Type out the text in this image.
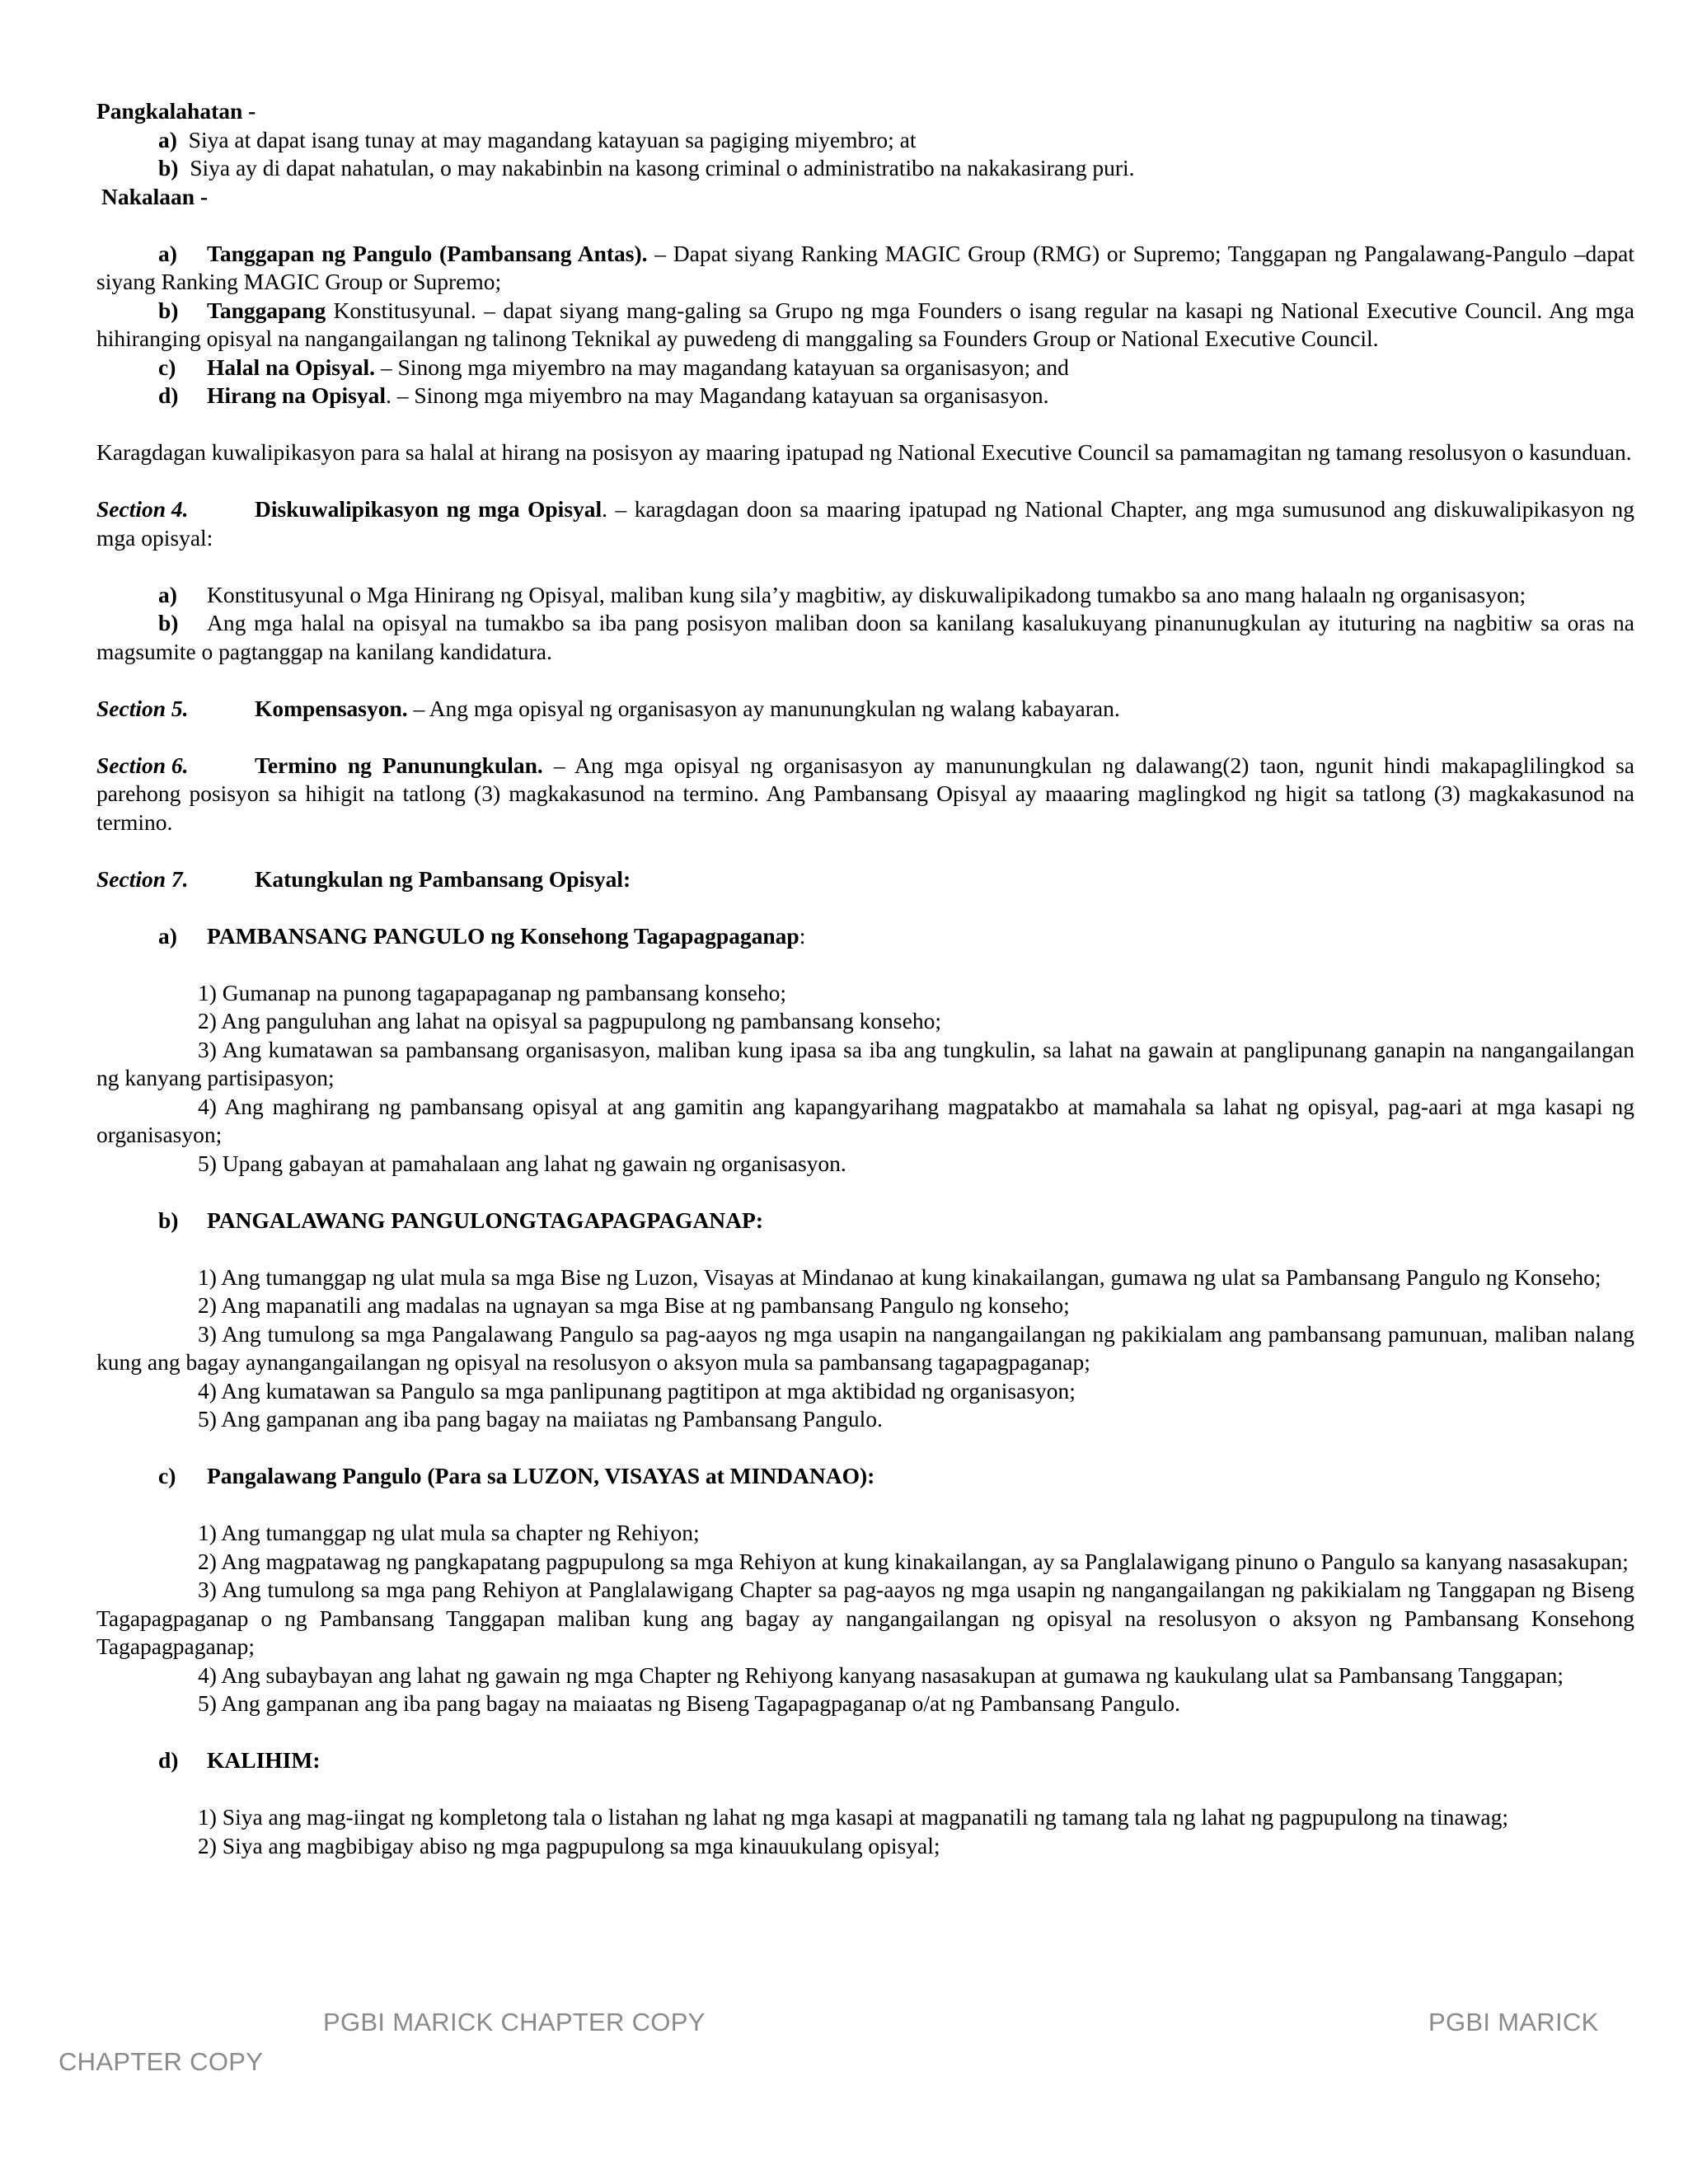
Pangkalahatan -

a) Siya at dapat isang tunay at may magandang katayuan sa pagiging miyembro; at

b) Siya ay di dapat nahatulan, o may nakabinbin na kasong criminal o administratibo na nakakasirang puri.

Nakalaan -

a) Tanggapan ng Pangulo (Pambansang Antas). – Dapat siyang Ranking MAGIC Group (RMG) or Supremo; Tanggapan ng Pangalawang-Pangulo –dapat siyang Ranking MAGIC Group or Supremo;

b) Tanggapang Konstitusyunal. – dapat siyang mang-galing sa Grupo ng mga Founders o isang regular na kasapi ng National Executive Council. Ang mga hihiranging opisyal na nangangailangan ng talinong Teknikal ay puwedeng di manggaling sa Founders Group or National Executive Council.

c) Halal na Opisyal. – Sinong mga miyembro na may magandang katayuan sa organisasyon; and

d) Hirang na Opisyal. – Sinong mga miyembro na may Magandang katayuan sa organisasyon.

Karagdagan kuwalipikasyon para sa halal at hirang na posisyon ay maaring ipatupad ng National Executive Council sa pamamagitan ng tamang resolusyon o kasunduan.

Section 4.	Diskuwalipikasyon ng mga Opisyal. – karagdagan doon sa maaring ipatupad ng National Chapter, ang mga sumusunod ang diskuwalipikasyon ng mga opisyal:

a) Konstitusyunal o Mga Hinirang ng Opisyal, maliban kung sila’y magbitiw, ay diskuwalipikadong tumakbo sa ano mang halaaln ng organisasyon;

b) Ang mga halal na opisyal na tumakbo sa iba pang posisyon maliban doon sa kanilang kasalukuyang pinanunugkulan ay ituturing na nagbitiw sa oras na magsumite o pagtanggap na kanilang kandidatura.

Section 5.	Kompensasyon. – Ang mga opisyal ng organisasyon ay manunungkulan ng walang kabayaran.

Section 6.	Termino ng Panunungkulan. – Ang mga opisyal ng organisasyon ay manunungkulan ng dalawang(2) taon, ngunit hindi makapaglilingkod sa parehong posisyon sa hihigit na tatlong (3) magkakasunod na termino. Ang Pambansang Opisyal ay maaaring maglingkod ng higit sa tatlong (3) magkakasunod na termino.

Section 7.	Katungkulan ng Pambansang Opisyal:

a) PAMBANSANG PANGULO ng Konsehong Tagapagpaganap:

1) Gumanap na punong tagapapaganap ng pambansang konseho;

2) Ang panguluhan ang lahat na opisyal sa pagpupulong ng pambansang konseho;

3) Ang kumatawan sa pambansang organisasyon, maliban kung ipasa sa iba ang tungkulin, sa lahat na gawain at panglipunang ganapin na nangangailangan ng kanyang partisipasyon;

4) Ang maghirang ng pambansang opisyal at ang gamitin ang kapangyarihang magpatakbo at mamahala sa lahat ng opisyal, pag-aari at mga kasapi ng organisasyon;

5) Upang gabayan at pamahalaan ang lahat ng gawain ng organisasyon.

b) PANGALAWANG PANGULONGTAGAPAGPAGANAP:

1) Ang tumanggap ng ulat mula sa mga Bise ng Luzon, Visayas at Mindanao at kung kinakailangan, gumawa ng ulat sa Pambansang Pangulo ng Konseho;

2) Ang mapanatili ang madalas na ugnayan sa mga Bise at ng pambansang Pangulo ng konseho;

3) Ang tumulong sa mga Pangalawang Pangulo sa pag-aayos ng mga usapin na nangangailangan ng pakikialam ang pambansang pamunuan, maliban nalang kung ang bagay aynangangailangan ng opisyal na resolusyon o aksyon mula sa pambansang tagapagpaganap;

4) Ang kumatawan sa Pangulo sa mga panlipunang pagtitipon at mga aktibidad ng organisasyon;

5) Ang gampanan ang iba pang bagay na maiiatas ng Pambansang Pangulo.

c) Pangalawang Pangulo (Para sa LUZON, VISAYAS at MINDANAO):

1) Ang tumanggap ng ulat mula sa chapter ng Rehiyon;

2) Ang magpatawag ng pangkapatang pagpupulong sa mga Rehiyon at kung kinakailangan, ay sa Panglalawigang pinuno o Pangulo sa kanyang nasasakupan;

3) Ang tumulong sa mga pang Rehiyon at Panglalawigang Chapter sa pag-aayos ng mga usapin ng nangangailangan ng pakikialam ng Tanggapan ng Biseng Tagapagpaganap o ng Pambansang Tanggapan maliban kung ang bagay ay nangangailangan ng opisyal na resolusyon o aksyon ng Pambansang Konsehong Tagapagpaganap;

4) Ang subaybayan ang lahat ng gawain ng mga Chapter ng Rehiyong kanyang nasasakupan at gumawa ng kaukulang ulat sa Pambansang Tanggapan;

5) Ang gampanan ang iba pang bagay na maiaatas ng Biseng Tagapagpaganap o/at ng Pambansang Pangulo.

d) KALIHIM:

1) Siya ang mag-iingat ng kompletong tala o listahan ng lahat ng mga kasapi at magpanatili ng tamang tala ng lahat ng pagpupulong na tinawag;

2) Siya ang magbibigay abiso ng mga pagpupulong sa mga kinauukulang opisyal;

PGBI MARICK CHAPTER COPY	PGBI MARICK
CHAPTER COPY
